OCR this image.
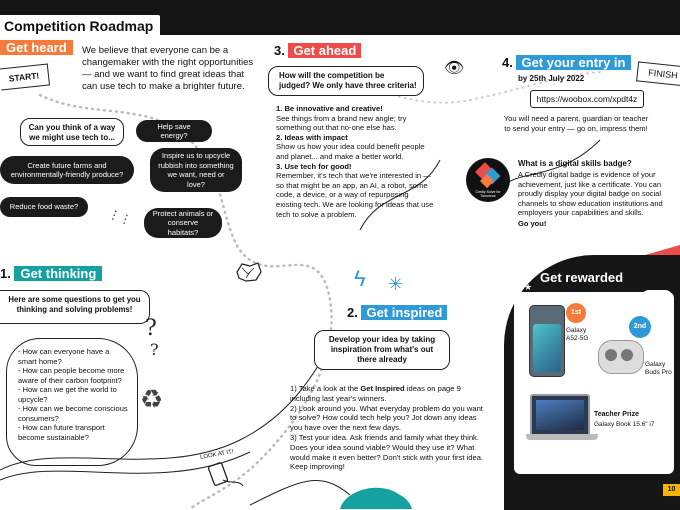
Competition Roadmap
Get heard	We believe that everyone can be a changemaker with the right opportunities — and we want to find great ideas that can use tech to make a brighter future.
START!
Can you think of a way we might use tech to...
Help save energy?
Inspire us to upcycle rubbish into something we want, need or love?
Create future farms and environmentally-friendly produce?
Reduce food waste?
Protect animals or conserve habitats?
⋮⋮
1. Get thinking
Here are some questions to get you thinking and solving problems!
- How can everyone have a smart home?
- How can people become more aware of their carbon footprint?
- How can we get the world to upcycle?
- How can we become conscious consumers?
- How can future transport become sustainable?
?
?
♻
LOOK AT IT!
3. Get ahead
How will the competition be judged? We only have three criteria!
1. Be innovative and creative!
See things from a brand new angle; try something out that no-one else has.
2. Ideas with impact
Show us how your idea could benefit people and planet... and make a better world.
3. Use tech for good!
Remember, it's tech that we're interested in — so that might be an app, an AI, a robot, some code, a device, or a way of repurposing existing tech. We are looking for ideas that use tech to solve a problem.
👁	4. Get your entry in
by 25th July 2022
https://woobox.com/xpdt4z
You will need a parent, guardian or teacher to send your entry — go on, impress them!
FINISH
Credly Solve for Tomorrow
What is a digital skills badge?
A Credly digital badge is evidence of your achievement, just like a certificate. You can proudly display your digital badge on social channels to show education institutions and employers your capabilities and skills.
Go you!
2. Get inspired
Develop your idea by taking inspiration from what's out there already
1) Take a look at the Get Inspired ideas on page 9 including last year's winners.
2) Look around you. What everyday problem do you want to solve? How could tech help you? Jot down any ideas you have over the next few days.
3) Test your idea. Ask friends and family what they think. Does your idea sound viable? Would they use it? What would make it even better? Don't stick with your first idea. Keep improving!
ϟ ✳	Get rewarded
★
1st
Galaxy A52-5G
2nd
Galaxy Buds Pro
Teacher Prize
Galaxy Book 15.6" i7
10
